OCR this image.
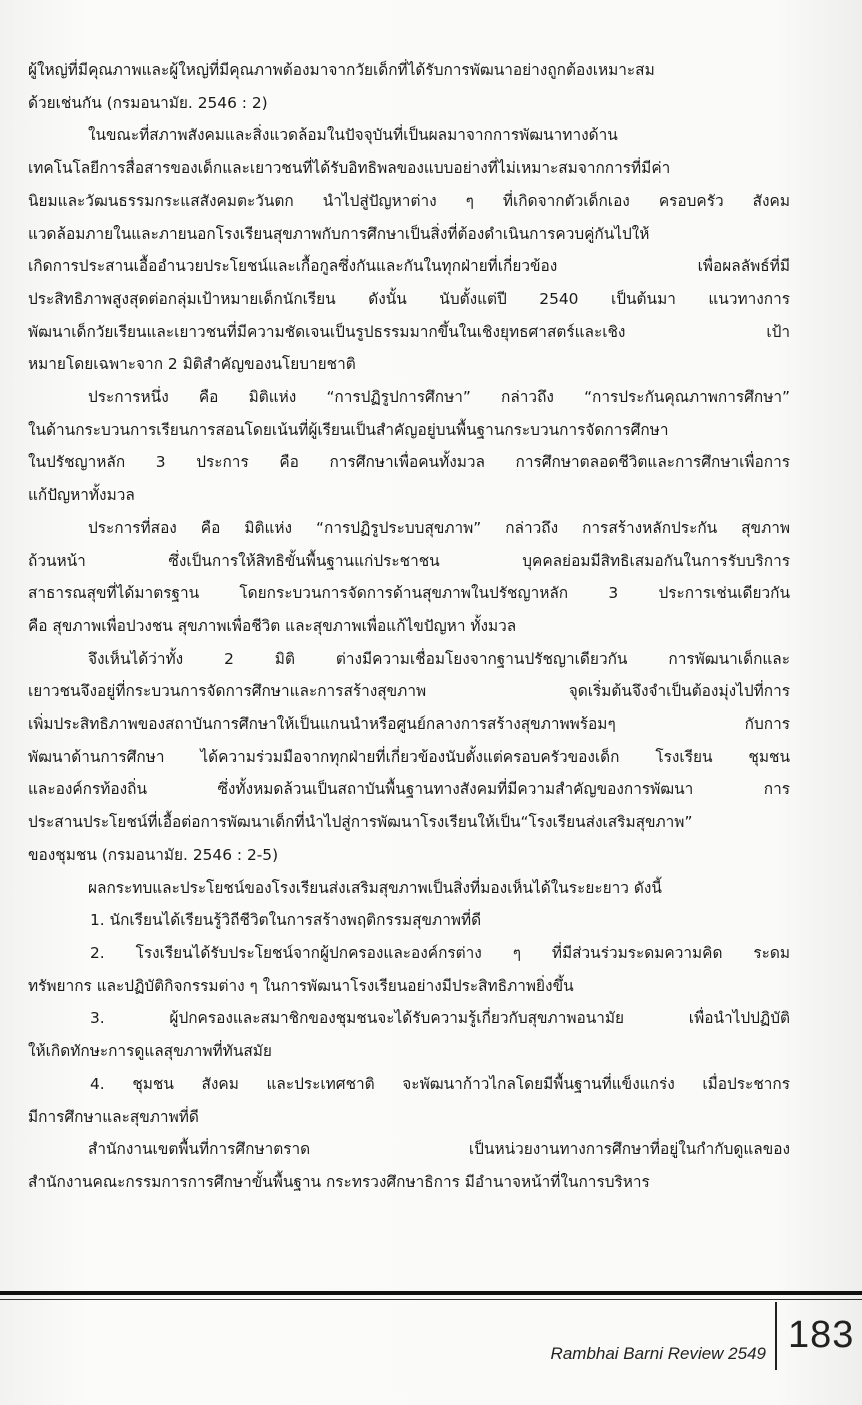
ผู้ใหญ่ที่มีคุณภาพและผู้ใหญ่ที่มีคุณภาพต้องมาจากวัยเด็กที่ได้รับการพัฒนาอย่างถูกต้องเหมาะสม

ด้วยเช่นกัน (กรมอนามัย. 2546 : 2)

ในขณะที่สภาพสังคมและสิ่งแวดล้อมในปัจจุบันที่เป็นผลมาจากการพัฒนาทางด้าน

เทคโนโลยีการสื่อสารของเด็กและเยาวชนที่ได้รับอิทธิพลของแบบอย่างที่ไม่เหมาะสมจากการที่มีค่า

นิยมและวัฒนธรรมกระแสสังคมตะวันตก นำไปสู่ปัญหาต่าง ๆ ที่เกิดจากตัวเด็กเอง ครอบครัว สังคม

แวดล้อมภายในและภายนอกโรงเรียนสุขภาพกับการศึกษาเป็นสิ่งที่ต้องดำเนินการควบคู่กันไปให้

เกิดการประสานเอื้ออำนวยประโยชน์และเกื้อกูลซึ่งกันและกันในทุกฝ่ายที่เกี่ยวข้อง เพื่อผลลัพธ์ที่มี

ประสิทธิภาพสูงสุดต่อกลุ่มเป้าหมายเด็กนักเรียน ดังนั้น นับตั้งแต่ปี 2540 เป็นต้นมา แนวทางการ

พัฒนาเด็กวัยเรียนและเยาวชนที่มีความชัดเจนเป็นรูปธรรมมากขึ้นในเชิงยุทธศาสตร์และเชิง เป้า

หมายโดยเฉพาะจาก 2 มิติสำคัญของนโยบายชาติ

ประการหนึ่ง คือ มิติแห่ง “การปฏิรูปการศึกษา” กล่าวถึง “การประกันคุณภาพการศึกษา”

ในด้านกระบวนการเรียนการสอนโดยเน้นที่ผู้เรียนเป็นสำคัญอยู่บนพื้นฐานกระบวนการจัดการศึกษา

ในปรัชญาหลัก 3 ประการ คือ การศึกษาเพื่อคนทั้งมวล การศึกษาตลอดชีวิตและการศึกษาเพื่อการ

แก้ปัญหาทั้งมวล

ประการที่สอง คือ มิติแห่ง “การปฏิรูประบบสุขภาพ” กล่าวถึง การสร้างหลักประกัน สุขภาพ

ถ้วนหน้า ซึ่งเป็นการให้สิทธิขั้นพื้นฐานแก่ประชาชน บุคคลย่อมมีสิทธิเสมอกันในการรับบริการ

สาธารณสุขที่ได้มาตรฐาน โดยกระบวนการจัดการด้านสุขภาพในปรัชญาหลัก 3 ประการเช่นเดียวกัน

คือ สุขภาพเพื่อปวงชน สุขภาพเพื่อชีวิต และสุขภาพเพื่อแก้ไขปัญหา ทั้งมวล

จึงเห็นได้ว่าทั้ง 2 มิติ ต่างมีความเชื่อมโยงจากฐานปรัชญาเดียวกัน การพัฒนาเด็กและ

เยาวชนจึงอยู่ที่กระบวนการจัดการศึกษาและการสร้างสุขภาพ จุดเริ่มต้นจึงจำเป็นต้องมุ่งไปที่การ

เพิ่มประสิทธิภาพของสถาบันการศึกษาให้เป็นแกนนำหรือศูนย์กลางการสร้างสุขภาพพร้อมๆ กับการ

พัฒนาด้านการศึกษา ได้ความร่วมมือจากทุกฝ่ายที่เกี่ยวข้องนับตั้งแต่ครอบครัวของเด็ก โรงเรียน ชุมชน

และองค์กรท้องถิ่น ซึ่งทั้งหมดล้วนเป็นสถาบันพื้นฐานทางสังคมที่มีความสำคัญของการพัฒนา การ

ประสานประโยชน์ที่เอื้อต่อการพัฒนาเด็กที่นำไปสู่การพัฒนาโรงเรียนให้เป็น“โรงเรียนส่งเสริมสุขภาพ”

ของชุมชน (กรมอนามัย. 2546 : 2-5)

ผลกระทบและประโยชน์ของโรงเรียนส่งเสริมสุขภาพเป็นสิ่งที่มองเห็นได้ในระยะยาว ดังนี้

1. นักเรียนได้เรียนรู้วิถีชีวิตในการสร้างพฤติกรรมสุขภาพที่ดี

2. โรงเรียนได้รับประโยชน์จากผู้ปกครองและองค์กรต่าง ๆ ที่มีส่วนร่วมระดมความคิด ระดม

ทรัพยากร และปฏิบัติกิจกรรมต่าง ๆ ในการพัฒนาโรงเรียนอย่างมีประสิทธิภาพยิ่งขึ้น

3. ผู้ปกครองและสมาชิกของชุมชนจะได้รับความรู้เกี่ยวกับสุขภาพอนามัย เพื่อนำไปปฏิบัติ

ให้เกิดทักษะการดูแลสุขภาพที่ทันสมัย

4. ชุมชน สังคม และประเทศชาติ จะพัฒนาก้าวไกลโดยมีพื้นฐานที่แข็งแกร่ง เมื่อประชากร

มีการศึกษาและสุขภาพที่ดี

สำนักงานเขตพื้นที่การศึกษาตราด เป็นหน่วยงานทางการศึกษาที่อยู่ในกำกับดูแลของ

สำนักงานคณะกรรมการการศึกษาขั้นพื้นฐาน กระทรวงศึกษาธิการ มีอำนาจหน้าที่ในการบริหาร

Rambhai Barni Review 2549 183
